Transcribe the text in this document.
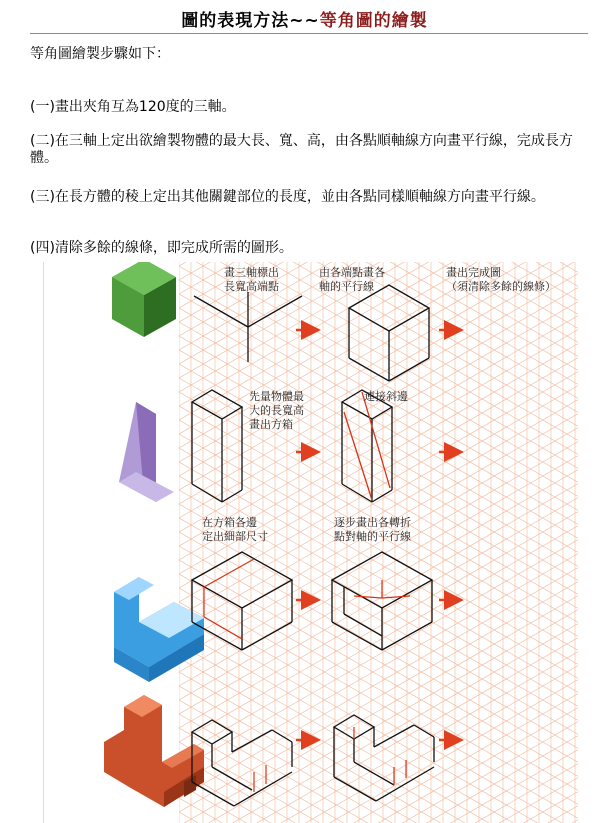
圖的表現方法~~等角圖的繪製
等角圖繪製步驟如下：
(一)畫出夾角互為120度的三軸。
(二)在三軸上定出欲繪製物體的最大長、寬、高，由各點順軸線方向畫平行線，完成長方體。
(三)在長方體的稜上定出其他關鍵部位的長度，並由各點同樣順軸線方向畫平行線。
(四)清除多餘的線條，即完成所需的圖形。
畫三軸標出
長寬高端點
由各端點畫各
軸的平行線
畫出完成圖
（須清除多餘的線條）
先量物體最
大的長寬高
畫出方箱
連接斜邊
在方箱各邊
定出細部尺寸
逐步畫出各轉折
點對軸的平行線
